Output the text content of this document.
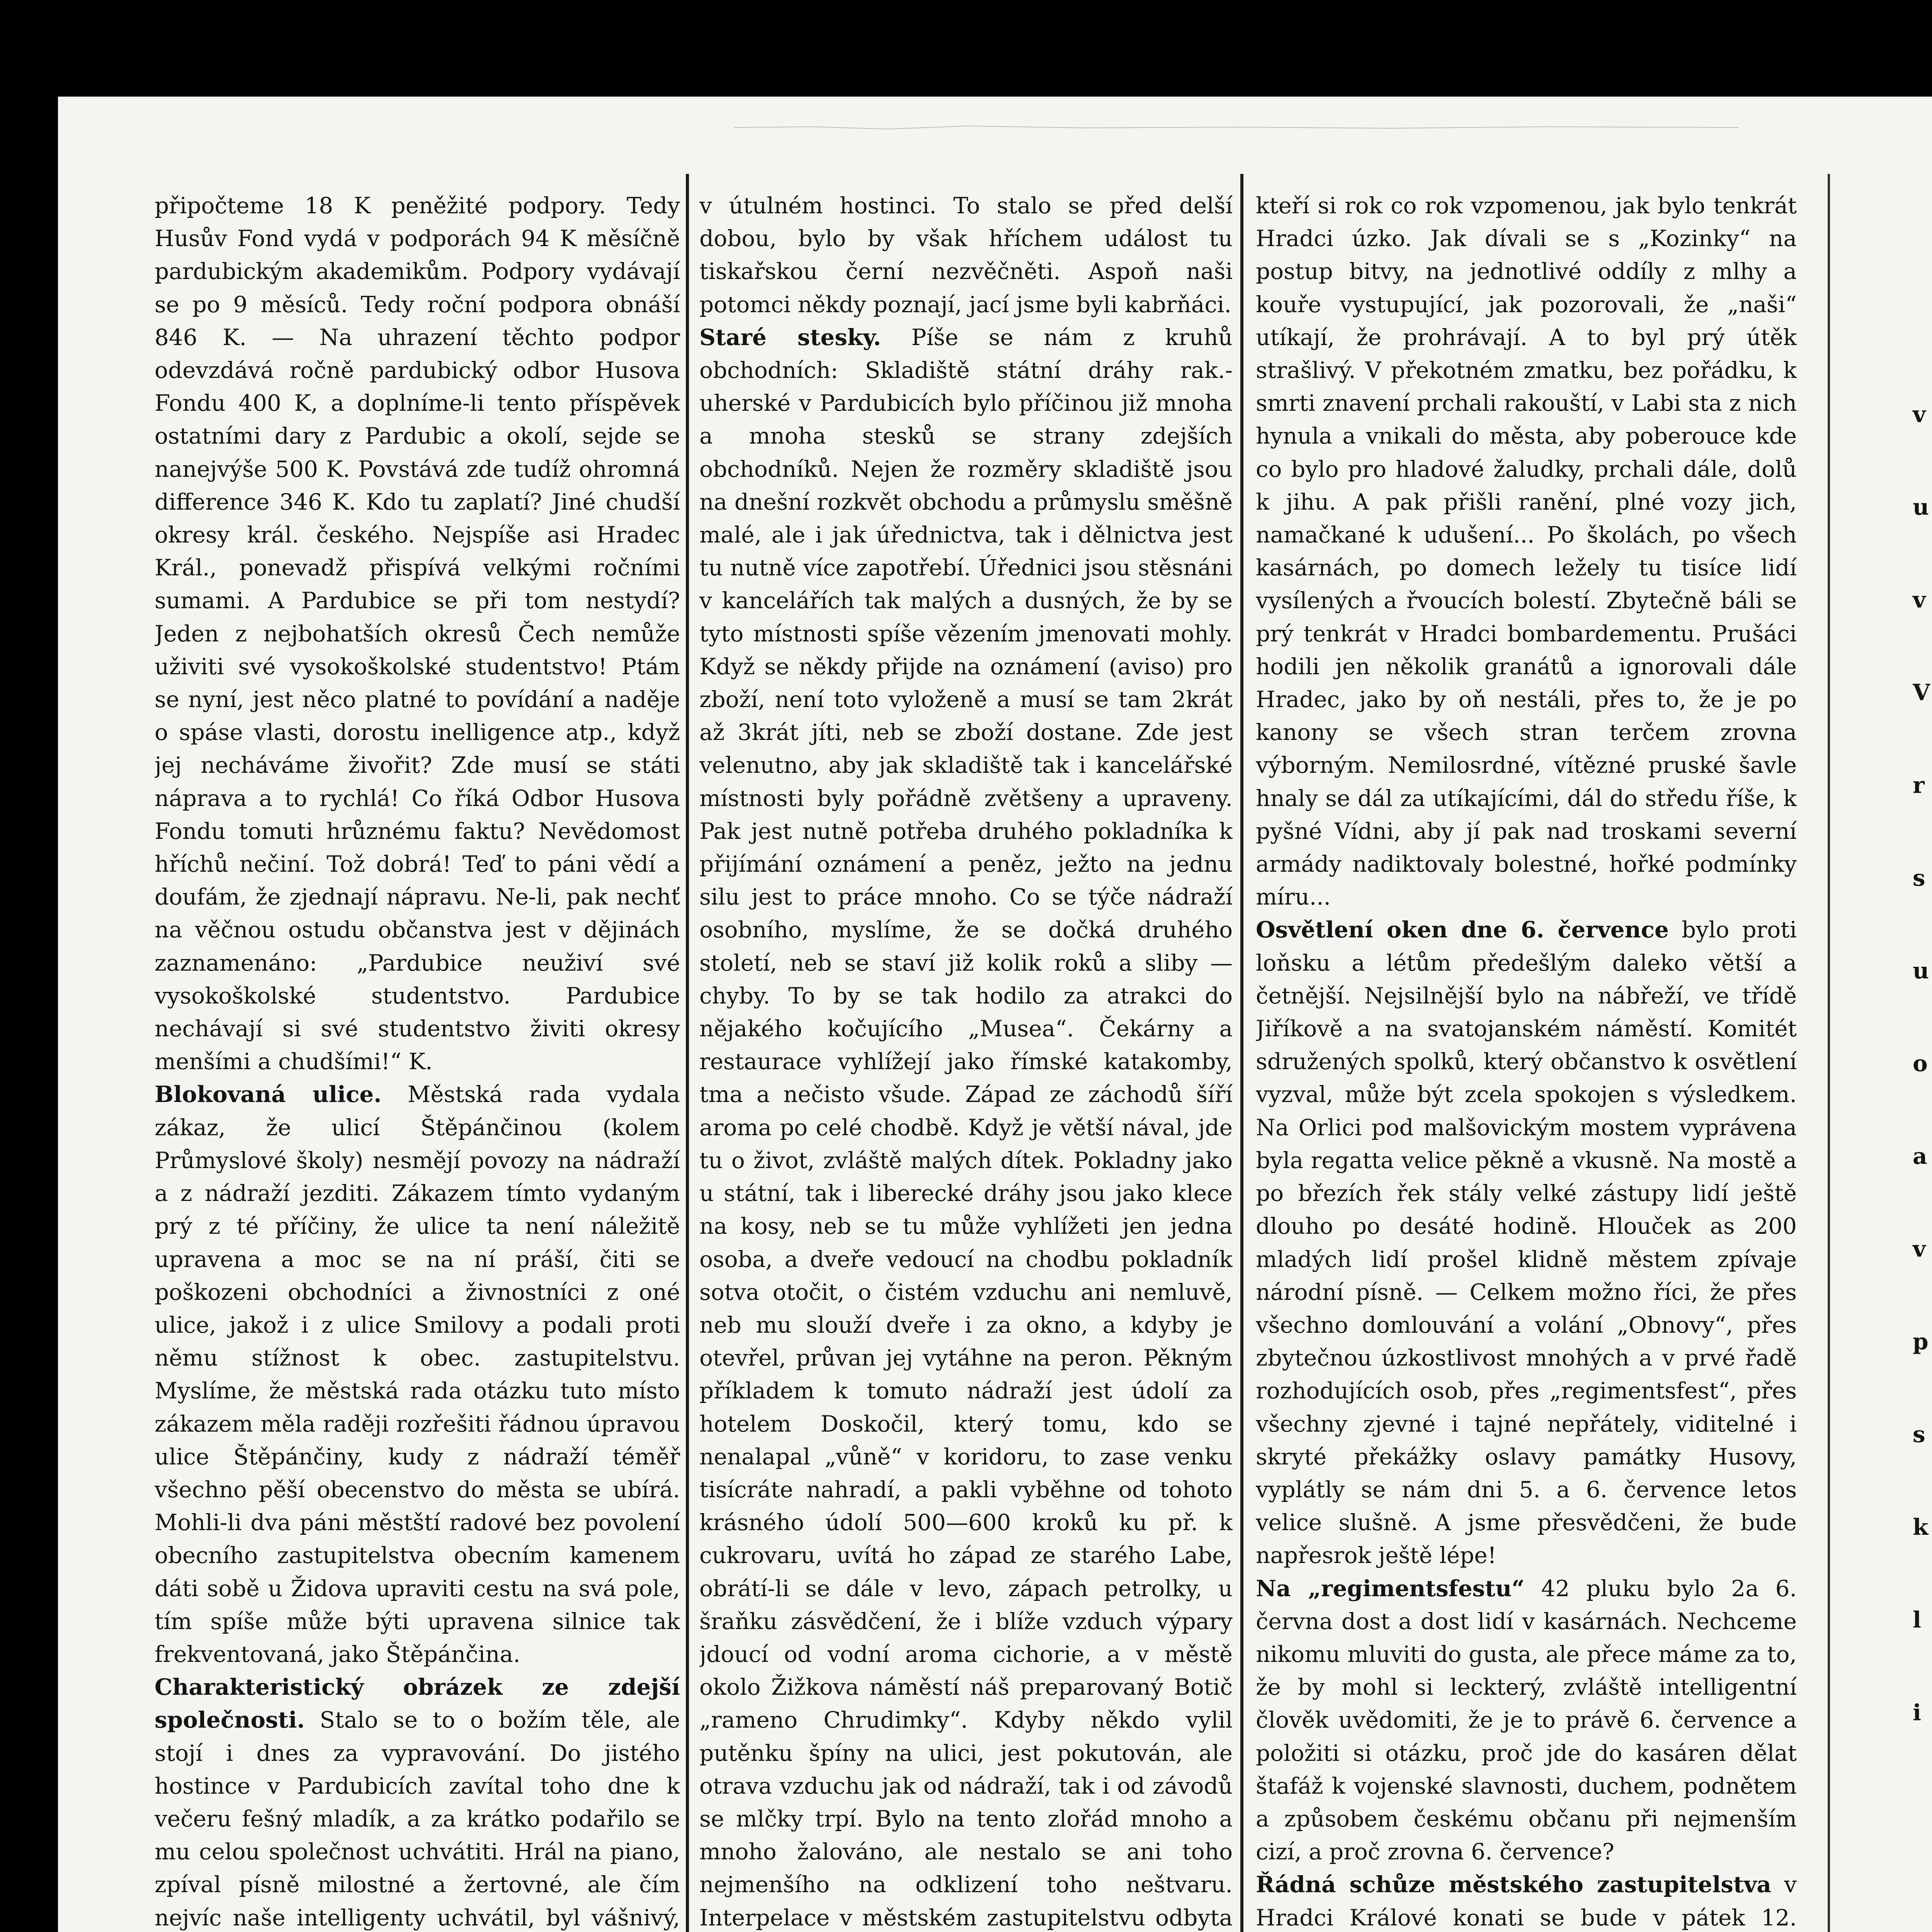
připočteme 18 K peněžité podpory. Tedy Husův Fond vydá v podporách 94 K měsíčně pardubickým akademikům. Podpory vydávají se po 9 měsíců. Tedy roční podpora obnáší 846 K. — Na uhrazení těchto podpor odevzdává ročně pardubický odbor Husova Fondu 400 K, a doplníme-li tento příspěvek ostatními dary z Pardubic a okolí, sejde se nanejvýše 500 K. Povstává zde tudíž ohromná difference 346 K. Kdo tu zaplatí? Jiné chudší okresy král. českého. Nejspíše asi Hradec Král., ponevadž přispívá velkými ročními sumami. A Pardubice se při tom nestydí? Jeden z nejbohatších okresů Čech nemůže uživiti své vysokoškolské studentstvo! Ptám se nyní, jest něco platné to povídání a naděje o spáse vlasti, dorostu inelligence atp., když jej necháváme živořit? Zde musí se státi náprava a to rychlá! Co říká Odbor Husova Fondu tomuti hrůznému faktu? Nevědomost hříchů nečiní. Tož dobrá! Teď to páni vědí a doufám, že zjednají nápravu. Ne-li, pak nechť na věčnou ostudu občanstva jest v dějinách zaznamenáno: „Pardubice neuživí své vysokoškolské studentstvo. Pardubice nechávají si své studentstvo živiti okresy menšími a chudšími!“ K.

Blokovaná ulice. Městská rada vydala zákaz, že ulicí Štěpánčinou (kolem Průmyslové školy) nesmějí povozy na nádraží a z nádraží jezditi. Zákazem tímto vydaným prý z té příčiny, že ulice ta není náležitě upravena a moc se na ní práší, čiti se poškozeni obchodníci a živnostníci z oné ulice, jakož i z ulice Smilovy a podali proti němu stížnost k obec. zastupitelstvu. Myslíme, že městská rada otázku tuto místo zákazem měla raději rozřešiti řádnou úpravou ulice Štěpánčiny, kudy z nádraží téměř všechno pěší obecenstvo do města se ubírá. Mohli-li dva páni městští radové bez povolení obecního zastupitelstva obecním kamenem dáti sobě u Židova upraviti cestu na svá pole, tím spíše může býti upravena silnice tak frekventovaná, jako Štěpánčina.

Charakteristický obrázek ze zdejší společnosti. Stalo se to o božím těle, ale stojí i dnes za vypravování. Do jistého hostince v Pardubicích zavítal toho dne k večeru fešný mladík, a za krátko podařilo se mu celou společnost uchvátiti. Hrál na piano, zpíval písně milostné a žertovné, ale čím nejvíc naše intelligenty uchvátil, byl vášnivý,

v útulném hostinci. To stalo se před delší dobou, bylo by však hříchem událost tu tiskařskou černí nezvěčněti. Aspoň naši potomci někdy poznají, jací jsme byli kabrňáci.

Staré stesky. Píše se nám z kruhů obchodních: Skladiště státní dráhy rak.-uherské v Pardubicích bylo příčinou již mnoha a mnoha stesků se strany zdejších obchodníků. Nejen že rozměry skladiště jsou na dnešní rozkvět obchodu a průmyslu směšně malé, ale i jak úřednictva, tak i dělnictva jest tu nutně více zapotřebí. Úřednici jsou stěsnáni v kancelářích tak malých a dusných, že by se tyto místnosti spíše vězením jmenovati mohly. Když se někdy přijde na oznámení (aviso) pro zboží, není toto vyloženě a musí se tam 2krát až 3krát jíti, neb se zboží dostane. Zde jest velenutno, aby jak skladiště tak i kancelářské místnosti byly pořádně zvětšeny a upraveny. Pak jest nutně potřeba druhého pokladníka k přijímání oznámení a peněz, ježto na jednu silu jest to práce mnoho. Co se týče nádraží osobního, myslíme, že se dočká druhého století, neb se staví již kolik roků a sliby — chyby. To by se tak hodilo za atrakci do nějakého kočujícího „Musea“. Čekárny a restaurace vyhlížejí jako římské katakomby, tma a nečisto všude. Západ ze záchodů šíří aroma po celé chodbě. Když je větší nával, jde tu o život, zvláště malých dítek. Pokladny jako u státní, tak i liberecké dráhy jsou jako klece na kosy, neb se tu může vyhlížeti jen jedna osoba, a dveře vedoucí na chodbu pokladník sotva otočit, o čistém vzduchu ani nemluvě, neb mu slouží dveře i za okno, a kdyby je otevřel, průvan jej vytáhne na peron. Pěkným příkladem k tomuto nádraží jest údolí za hotelem Doskočil, který tomu, kdo se nenalapal „vůně“ v koridoru, to zase venku tisícráte nahradí, a pakli vyběhne od tohoto krásného údolí 500—600 kroků ku př. k cukrovaru, uvítá ho západ ze starého Labe, obrátí-li se dále v levo, zápach petrolky, u šraňku zásvědčení, že i blíže vzduch výpary jdoucí od vodní aroma cichorie, a v městě okolo Žižkova náměstí náš preparovaný Botič „rameno Chrudimky“. Kdyby někdo vylil putěnku špíny na ulici, jest pokutován, ale otrava vzduchu jak od nádraží, tak i od závodů se mlčky trpí. Bylo na tento zlořád mnoho a mnoho žalováno, ale nestalo se ani toho nejmenšího na odklizení toho neštvaru. Interpelace v městském zastupitelstvu odbyta

kteří si rok co rok vzpomenou, jak bylo tenkrát Hradci úzko. Jak dívali se s „Kozinky“ na postup bitvy, na jednotlivé oddíly z mlhy a kouře vystupující, jak pozorovali, že „naši“ utíkají, že prohrávají. A to byl prý útěk strašlivý. V překotném zmatku, bez pořádku, k smrti znavení prchali rakouští, v Labi sta z nich hynula a vnikali do města, aby poberouce kde co bylo pro hladové žaludky, prchali dále, dolů k jihu. A pak přišli ranění, plné vozy jich, namačkané k udušení... Po školách, po všech kasárnách, po domech ležely tu tisíce lidí vysílených a řvoucích bolestí. Zbytečně báli se prý tenkrát v Hradci bombardementu. Prušáci hodili jen několik granátů a ignorovali dále Hradec, jako by oň nestáli, přes to, že je po kanony se všech stran terčem zrovna výborným. Nemilosrdné, vítězné pruské šavle hnaly se dál za utíkajícími, dál do středu říše, k pyšné Vídni, aby jí pak nad troskami severní armády nadiktovaly bolestné, hořké podmínky míru...

Osvětlení oken dne 6. července bylo proti loňsku a létům předešlým daleko větší a četnější. Nejsilnější bylo na nábřeží, ve třídě Jiříkově a na svatojanském náměstí. Komitét sdružených spolků, který občanstvo k osvětlení vyzval, může být zcela spokojen s výsledkem. Na Orlici pod malšovickým mostem vyprávena byla regatta velice pěkně a vkusně. Na mostě a po březích řek stály velké zástupy lidí ještě dlouho po desáté hodině. Hlouček as 200 mladých lidí prošel klidně městem zpívaje národní písně. — Celkem možno říci, že přes všechno domlouvání a volání „Obnovy“, přes zbytečnou úzkostlivost mnohých a v prvé řadě rozhodujících osob, přes „regimentsfest“, přes všechny zjevné i tajné nepřátely, viditelné i skryté překážky oslavy památky Husovy, vyplátly se nám dni 5. a 6. července letos velice slušně. A jsme přesvědčeni, že bude napřesrok ještě lépe!

Na „regimentsfestu“ 42 pluku bylo 2a 6. června dost a dost lidí v kasárnách. Nechceme nikomu mluviti do gusta, ale přece máme za to, že by mohl si leckterý, zvláště intelligentní člověk uvědomiti, že je to právě 6. července a položiti si otázku, proč jde do kasáren dělat štafáž k vojenské slavnosti, duchem, podnětem a způsobem českému občanu při nejmenším cizí, a proč zrovna 6. července?

Řádná schůze městského zastupitelstva v Hradci Králové konati se bude v pátek 12.

v
u
v
V
r
s
u
o
a
v
p
s
k
l
i
